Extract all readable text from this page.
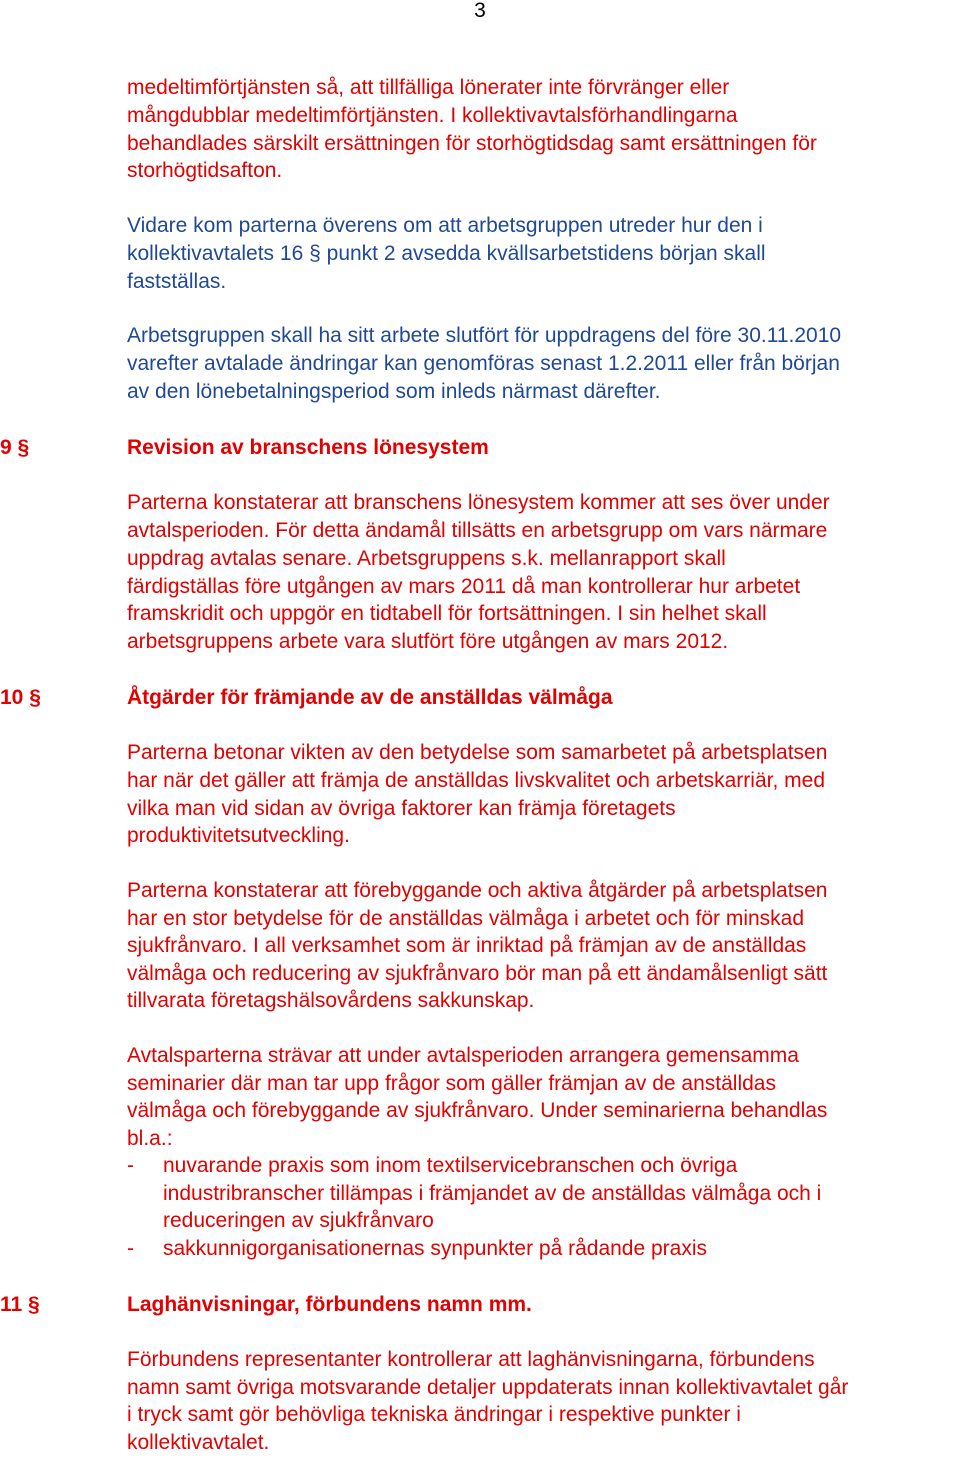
3
medeltimförtjänsten så, att tillfälliga lönerater inte förvränger eller
mångdubblar medeltimförtjänsten. I kollektivavtalsförhandlingarna
behandlades särskilt ersättningen för storhögtidsdag samt ersättningen för
storhögtidsafton.
Vidare kom parterna överens om att arbetsgruppen utreder hur den i
kollektivavtalets 16 § punkt 2 avsedda kvällsarbetstidens början skall
fastställas.
Arbetsgruppen skall ha sitt arbete slutfört för uppdragens del före 30.11.2010
varefter avtalade ändringar kan genomföras senast 1.2.2011 eller från början
av den lönebetalningsperiod som inleds närmast därefter.
9 §	Revision av branschens lönesystem
Parterna konstaterar att branschens lönesystem kommer att ses över under
avtalsperioden. För detta ändamål tillsätts en arbetsgrupp om vars närmare
uppdrag avtalas senare. Arbetsgruppens s.k. mellanrapport skall
färdigställas före utgången av mars 2011 då man kontrollerar hur arbetet
framskridit och uppgör en tidtabell för fortsättningen. I sin helhet skall
arbetsgruppens arbete vara slutfört före utgången av mars 2012.
10 §	Åtgärder för främjande av de anställdas välmåga
Parterna betonar vikten av den betydelse som samarbetet på arbetsplatsen
har när det gäller att främja de anställdas livskvalitet och arbetskarriär, med
vilka man vid sidan av övriga faktorer kan främja företagets
produktivitetsutveckling.
Parterna konstaterar att förebyggande och aktiva åtgärder på arbetsplatsen
har en stor betydelse för de anställdas välmåga i arbetet och för minskad
sjukfrånvaro. I all verksamhet som är inriktad på främjan av de anställdas
välmåga och reducering av sjukfrånvaro bör man på ett ändamålsenligt sätt
tillvarata företagshälsovårdens sakkunskap.
Avtalsparterna strävar att under avtalsperioden arrangera gemensamma
seminarier där man tar upp frågor som gäller främjan av de anställdas
välmåga och förebyggande av sjukfrånvaro. Under seminarierna behandlas
bl.a.:
- nuvarande praxis som inom textilservicebranschen och övriga
industribranscher tillämpas i främjandet av de anställdas välmåga och i
reduceringen av sjukfrånvaro
- sakkunnigorganisationernas synpunkter på rådande praxis
11 §	Laghänvisningar, förbundens namn mm.
Förbundens representanter kontrollerar att laghänvisningarna, förbundens
namn samt övriga motsvarande detaljer uppdaterats innan kollektivavtalet går
i tryck samt gör behövliga tekniska ändringar i respektive punkter i
kollektivavtalet.
